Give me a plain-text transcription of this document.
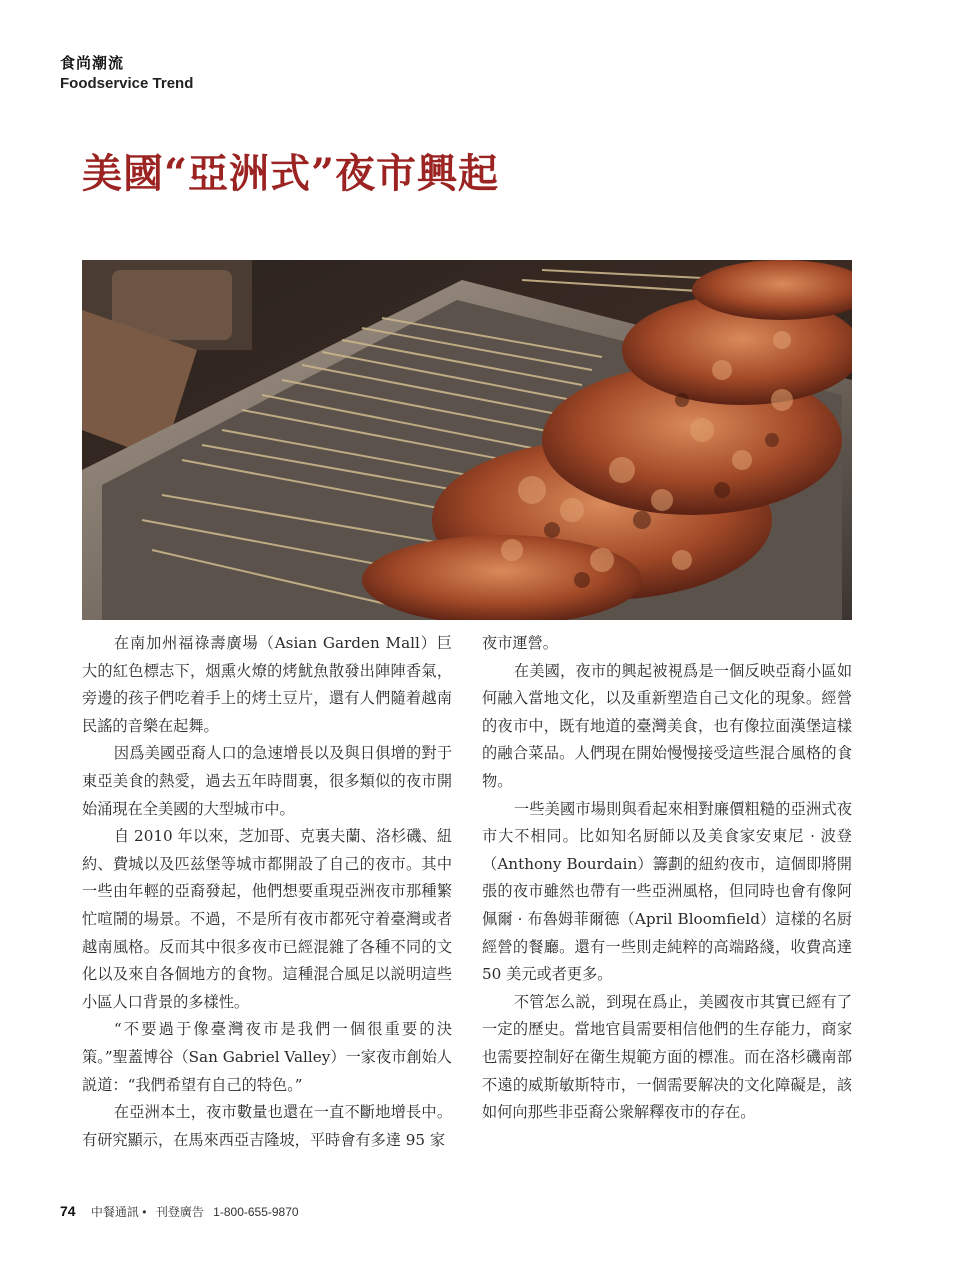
食尚潮流
Foodservice Trend
美國“亞洲式”夜市興起

在南加州福祿壽廣場（Asian Garden Mall）巨大的紅色標志下，烟熏火燎的烤魷魚散發出陣陣香氣，旁邊的孩子們吃着手上的烤土豆片，還有人們隨着越南民謠的音樂在起舞。

因爲美國亞裔人口的急速增長以及與日俱增的對于東亞美食的熱愛，過去五年時間裏，很多類似的夜市開始涌現在全美國的大型城市中。

自 2010 年以來，芝加哥、克裏夫蘭、洛杉磯、紐約、費城以及匹兹堡等城市都開設了自己的夜市。其中一些由年輕的亞裔發起，他們想要重現亞洲夜市那種繁忙喧鬧的場景。不過，不是所有夜市都死守着臺灣或者越南風格。反而其中很多夜市已經混雜了各種不同的文化以及來自各個地方的食物。這種混合風足以説明這些小區人口背景的多樣性。

“不要過于像臺灣夜市是我們一個很重要的決策。”聖蓋博谷（San Gabriel Valley）一家夜市創始人説道：“我們希望有自己的特色。”

在亞洲本土，夜市數量也還在一直不斷地增長中。有研究顯示，在馬來西亞吉隆坡，平時會有多達 95 家

夜市運營。

在美國，夜市的興起被視爲是一個反映亞裔小區如何融入當地文化，以及重新塑造自己文化的現象。經營的夜市中，既有地道的臺灣美食，也有像拉面漢堡這樣的融合菜品。人們現在開始慢慢接受這些混合風格的食物。

一些美國市場則與看起來相對廉價粗糙的亞洲式夜市大不相同。比如知名厨師以及美食家安東尼 · 波登（Anthony Bourdain）籌劃的紐約夜市，這個即將開張的夜市雖然也帶有一些亞洲風格，但同時也會有像阿佩爾 · 布魯姆菲爾德（April Bloomfield）這樣的名厨經營的餐廳。還有一些則走純粹的高端路綫，收費高達 50 美元或者更多。

不管怎么説，到現在爲止，美國夜市其實已經有了一定的歷史。當地官員需要相信他們的生存能力，商家也需要控制好在衛生規範方面的標准。而在洛杉磯南部不遠的威斯敏斯特市，一個需要解决的文化障礙是，該如何向那些非亞裔公衆解釋夜市的存在。

74 中餐通訊 • 刊登廣告 1-800-655-9870
